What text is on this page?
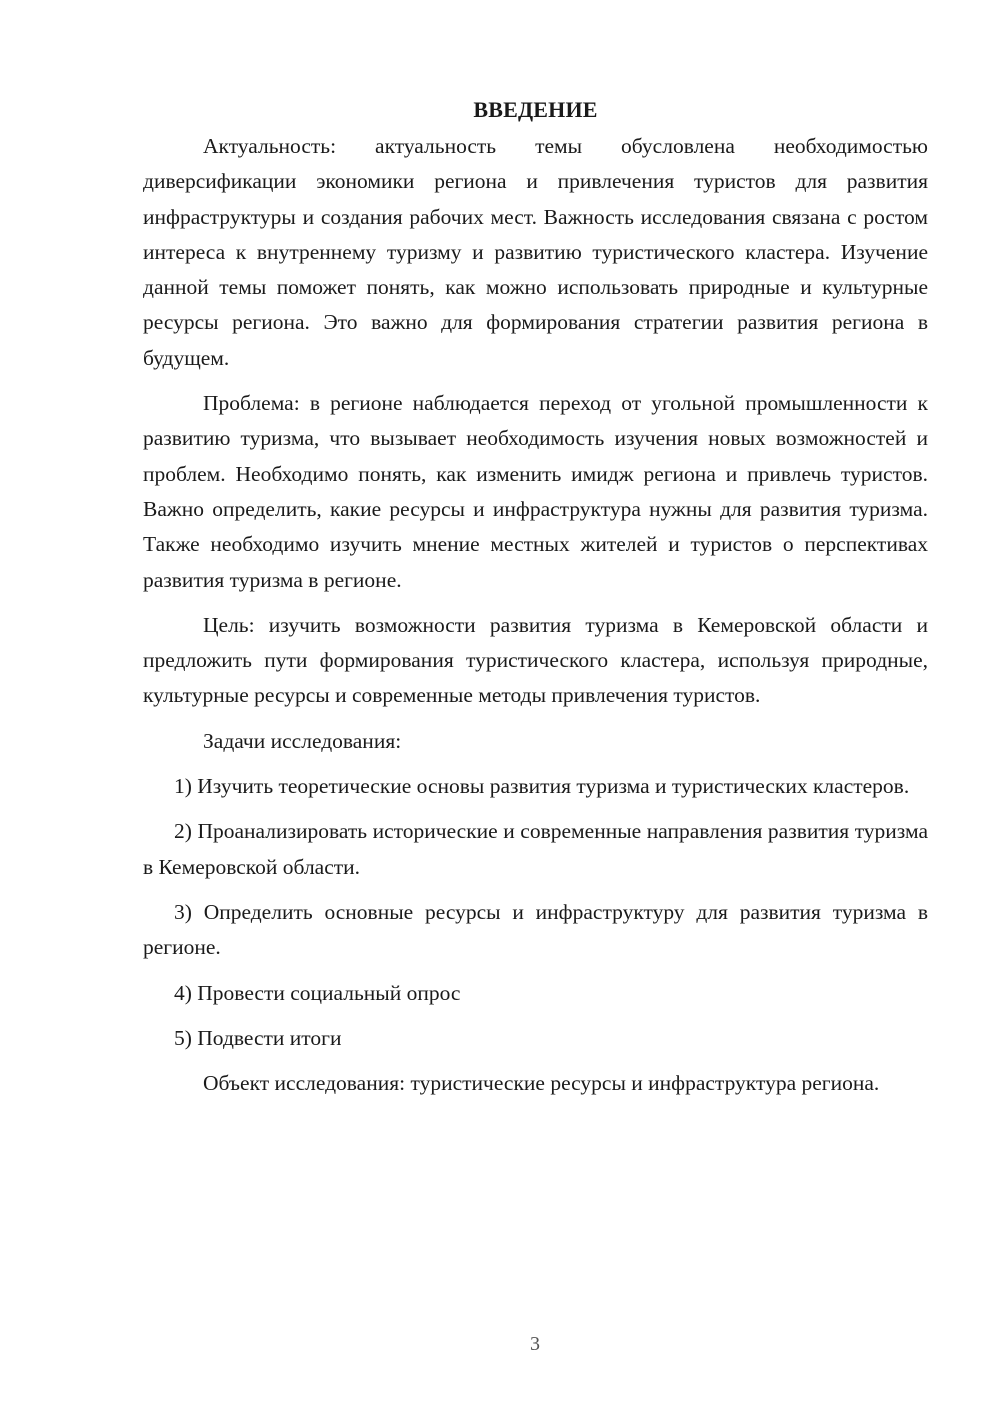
ВВЕДЕНИЕ

Актуальность: актуальность темы обусловлена необходимостью диверсификации экономики региона и привлечения туристов для развития инфраструктуры и создания рабочих мест. Важность исследования связана с ростом интереса к внутреннему туризму и развитию туристического кластера. Изучение данной темы поможет понять, как можно использовать природные и культурные ресурсы региона. Это важно для формирования стратегии развития региона в будущем.

Проблема: в регионе наблюдается переход от угольной промышленности к развитию туризма, что вызывает необходимость изучения новых возможностей и проблем. Необходимо понять, как изменить имидж региона и привлечь туристов. Важно определить, какие ресурсы и инфраструктура нужны для развития туризма. Также необходимо изучить мнение местных жителей и туристов о перспективах развития туризма в регионе.

Цель: изучить возможности развития туризма в Кемеровской области и предложить пути формирования туристического кластера, используя природные, культурные ресурсы и современные методы привлечения туристов.

Задачи исследования:

1) Изучить теоретические основы развития туризма и туристических кластеров.

2) Проанализировать исторические и современные направления развития туризма в Кемеровской области.

3) Определить основные ресурсы и инфраструктуру для развития туризма в регионе.

4) Провести социальный опрос

5) Подвести итоги

Объект исследования: туристические ресурсы и инфраструктура региона.

3
